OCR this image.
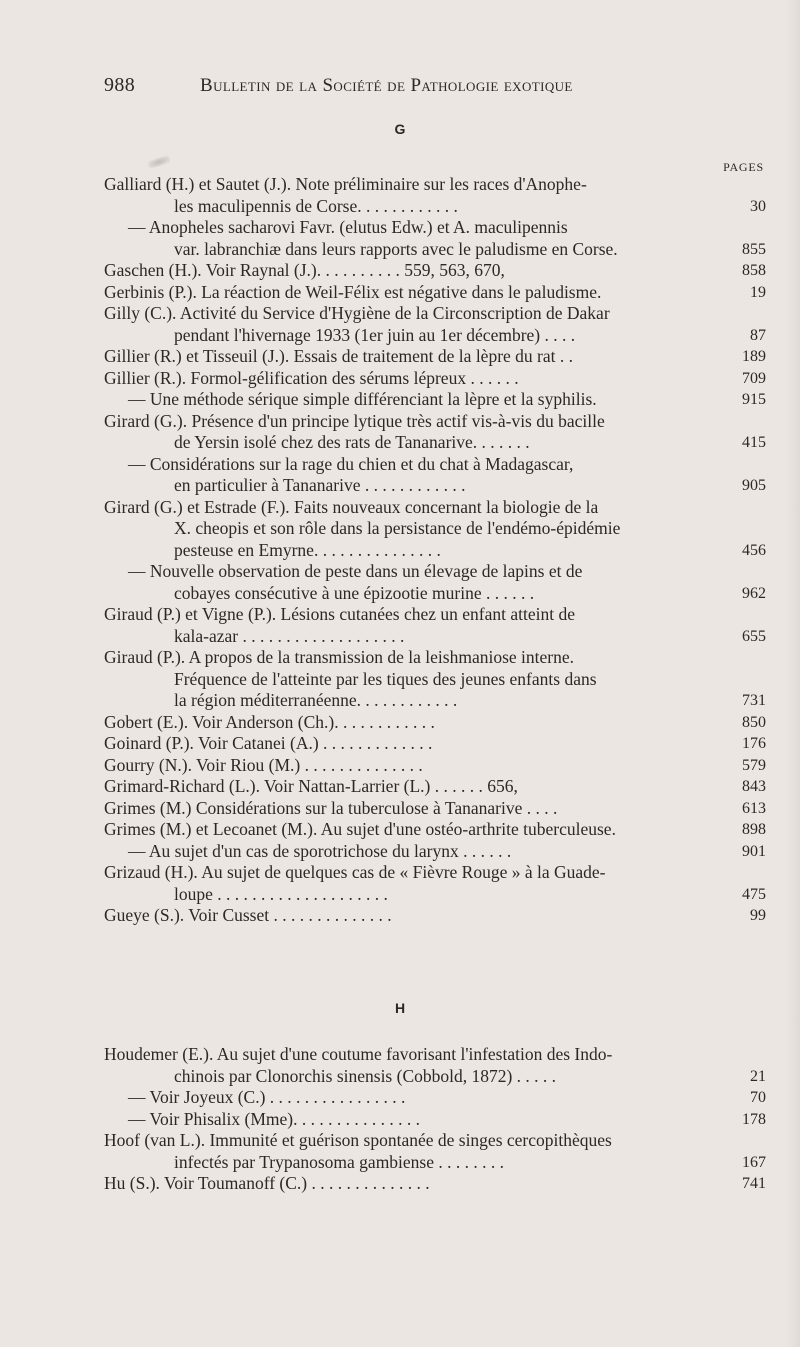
988	Bulletin de la Société de Pathologie exotique
G
PAGES
Galliard (H.) et Sautet (J.). Note préliminaire sur les races d'Anophe-
les maculipennis de Corse. . . . . . . . . . . .	30
— Anopheles sacharovi Favr. (elutus Edw.) et A. maculipennis
var. labranchiæ dans leurs rapports avec le paludisme en Corse.	855
Gaschen (H.). Voir Raynal (J.). . . . . . . . . . 559, 563, 670,	858
Gerbinis (P.). La réaction de Weil-Félix est négative dans le paludisme.	19
Gilly (C.). Activité du Service d'Hygiène de la Circonscription de Dakar
pendant l'hivernage 1933 (1er juin au 1er décembre) . . . .	87
Gillier (R.) et Tisseuil (J.). Essais de traitement de la lèpre du rat . .	189
Gillier (R.). Formol-gélification des sérums lépreux . . . . . .	709
— Une méthode sérique simple différenciant la lèpre et la syphilis.	915
Girard (G.). Présence d'un principe lytique très actif vis-à-vis du bacille
de Yersin isolé chez des rats de Tananarive. . . . . . .	415
— Considérations sur la rage du chien et du chat à Madagascar,
en particulier à Tananarive . . . . . . . . . . . .	905
Girard (G.) et Estrade (F.). Faits nouveaux concernant la biologie de la
X. cheopis et son rôle dans la persistance de l'endémo-épidémie
pesteuse en Emyrne. . . . . . . . . . . . . . .	456
— Nouvelle observation de peste dans un élevage de lapins et de
cobayes consécutive à une épizootie murine . . . . . .	962
Giraud (P.) et Vigne (P.). Lésions cutanées chez un enfant atteint de
kala-azar . . . . . . . . . . . . . . . . . . .	655
Giraud (P.). A propos de la transmission de la leishmaniose interne.
Fréquence de l'atteinte par les tiques des jeunes enfants dans
la région méditerranéenne. . . . . . . . . . . .	731
Gobert (E.). Voir Anderson (Ch.). . . . . . . . . . . .	850
Goinard (P.). Voir Catanei (A.) . . . . . . . . . . . . .	176
Gourry (N.). Voir Riou (M.) . . . . . . . . . . . . . .	579
Grimard-Richard (L.). Voir Nattan-Larrier (L.) . . . . . . 656,	843
Grimes (M.) Considérations sur la tuberculose à Tananarive . . . .	613
Grimes (M.) et Lecoanet (M.). Au sujet d'une ostéo-arthrite tuberculeuse.	898
— Au sujet d'un cas de sporotrichose du larynx . . . . . .	901
Grizaud (H.). Au sujet de quelques cas de « Fièvre Rouge » à la Guade-
loupe . . . . . . . . . . . . . . . . . . . .	475
Gueye (S.). Voir Cusset . . . . . . . . . . . . . .	99
H
Houdemer (E.). Au sujet d'une coutume favorisant l'infestation des Indo-
chinois par Clonorchis sinensis (Cobbold, 1872) . . . . .	21
— Voir Joyeux (C.) . . . . . . . . . . . . . . . .	70
— Voir Phisalix (Mme). . . . . . . . . . . . . . .	178
Hoof (van L.). Immunité et guérison spontanée de singes cercopithèques
infectés par Trypanosoma gambiense . . . . . . . .	167
Hu (S.). Voir Toumanoff (C.) . . . . . . . . . . . . . .	741
